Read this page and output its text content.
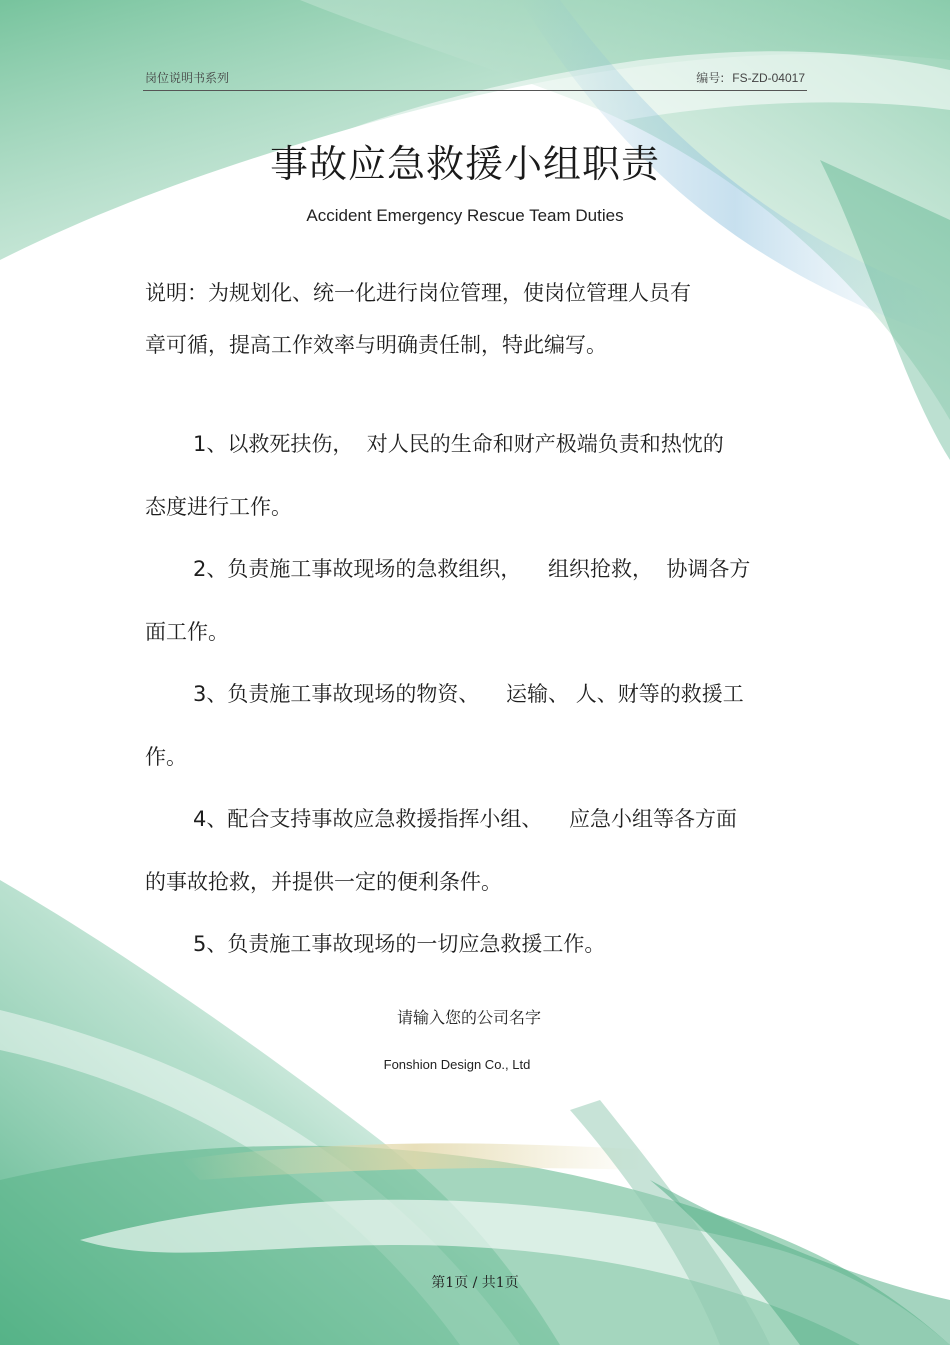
岗位说明书系列	编号: FS-ZD-04017
事故应急救援小组职责
Accident Emergency Rescue Team Duties
说明：为规划化、统一化进行岗位管理，使岗位管理人员有
章可循，提高工作效率与明确责任制，特此编写。
1、以救死扶伤，  对人民的生命和财产极端负责和热忱的
态度进行工作。
2、负责施工事故现场的急救组织，    组织抢救，  协调各方
面工作。
3、负责施工事故现场的物资、    运输、 人、财等的救援工
作。
4、配合支持事故应急救援指挥小组、    应急小组等各方面
的事故抢救，并提供一定的便利条件。
5、负责施工事故现场的一切应急救援工作。
请输入您的公司名字
Fonshion Design Co., Ltd
第1页 / 共1页
